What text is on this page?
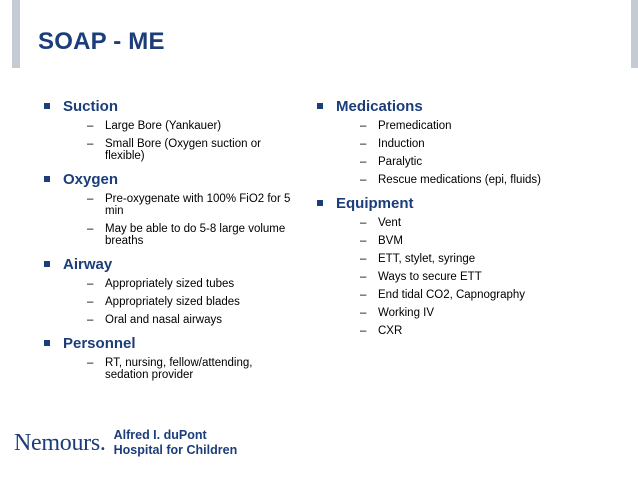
SOAP - ME
Suction
– Large Bore (Yankauer)
– Small Bore (Oxygen suction or flexible)
Oxygen
– Pre-oxygenate with 100% FiO2 for 5 min
– May be able to do 5-8 large volume breaths
Airway
– Appropriately sized tubes
– Appropriately sized blades
– Oral and nasal airways
Personnel
– RT, nursing, fellow/attending, sedation provider
Medications
– Premedication
– Induction
– Paralytic
– Rescue medications (epi, fluids)
Equipment
– Vent
– BVM
– ETT, stylet, syringe
– Ways to secure ETT
– End tidal CO2, Capnography
– Working IV
– CXR
Nemours. Alfred I. duPont
Hospital for Children
